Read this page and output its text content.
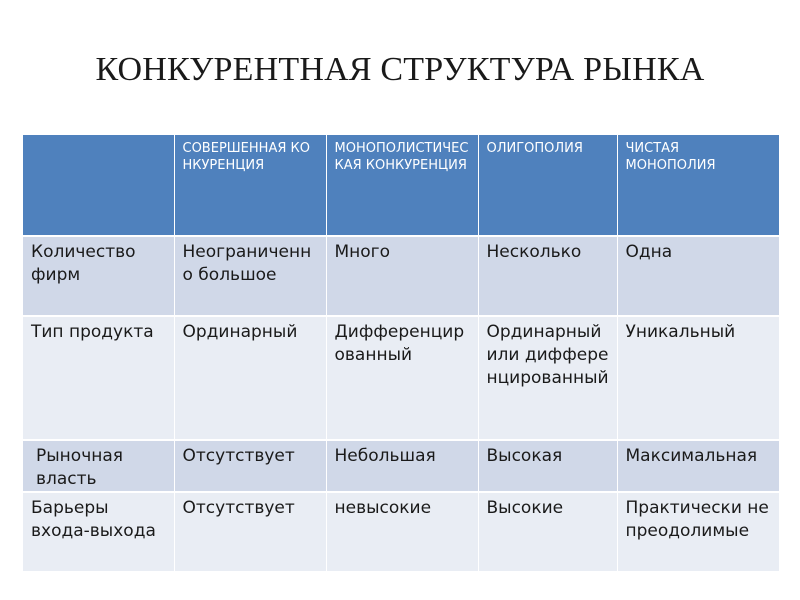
КОНКУРЕНТНАЯ СТРУКТУРА РЫНКА
	СОВЕРШЕННАЯ КОНКУРЕНЦИЯ	МОНОПОЛИСТИЧЕСКАЯ КОНКУРЕНЦИЯ	ОЛИГОПОЛИЯ	ЧИСТАЯ МОНОПОЛИЯ
Количество фирм	Неограниченно большое	Много	Несколько	Одна
Тип продукта	Ординарный	Дифференцированный	Ординарный или дифференцированный	Уникальный
Рыночная власть	Отсутствует	Небольшая	Высокая	Максимальная
Барьеры входа-выхода	Отсутствует	невысокие	Высокие	Практически непреодолимые
